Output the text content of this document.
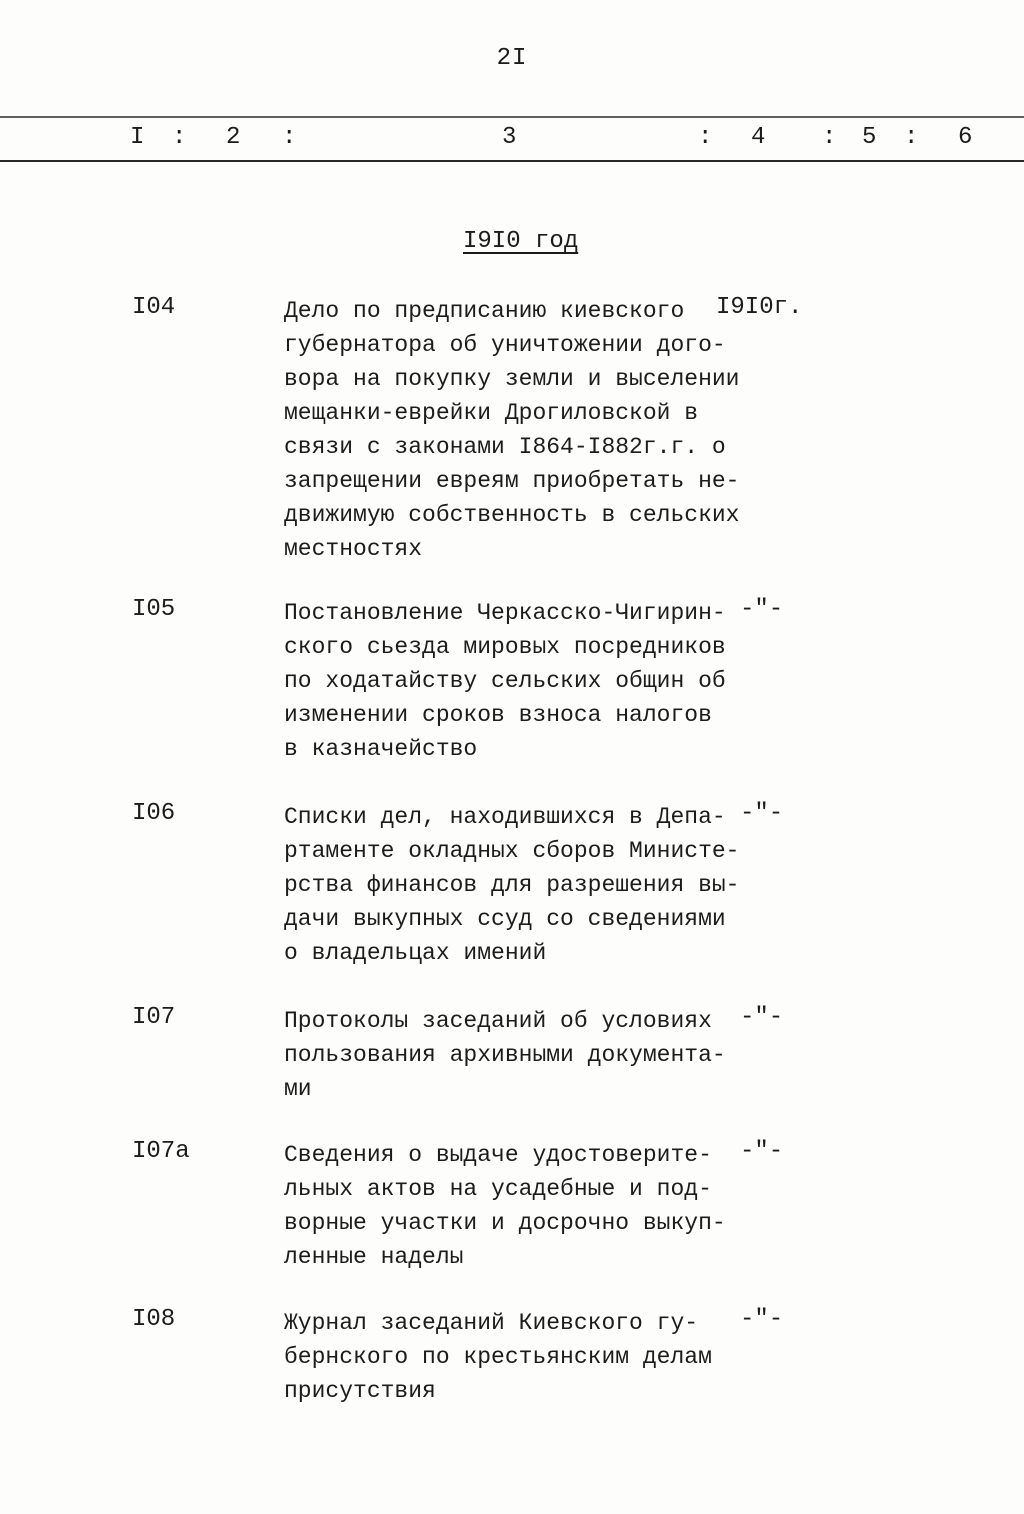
2I
I : 2 :	3	: 4 : 5 : 6
I9I0 год
I04	Дело по предписанию киевского
губернатора об уничтожении дого-
вора на покупку земли и выселении
мещанки-еврейки Дрогиловской в
связи с законами I864-I882г.г. о
запрещении евреям приобретать не-
движимую собственность в сельских
местностях
I9I0г.
I05	Постановление Черкасско-Чигирин-
ского сьезда мировых посредников
по ходатайству сельских общин об
изменении сроков взноса налогов
в казначейство
-"-
I06	Списки дел, находившихся в Депа-
ртаменте окладных сборов Министе-
рства финансов для разрешения вы-
дачи выкупных ссуд со сведениями
о владельцах имений
-"-
I07	Протоколы заседаний об условиях
пользования архивными документа-
ми
-"-
I07а	Сведения о выдаче удостоверите-
льных актов на усадебные и под-
ворные участки и досрочно выкуп-
ленные наделы
-"-
I08	Журнал заседаний Киевского гу-
бернского по крестьянским делам
присутствия
-"-
